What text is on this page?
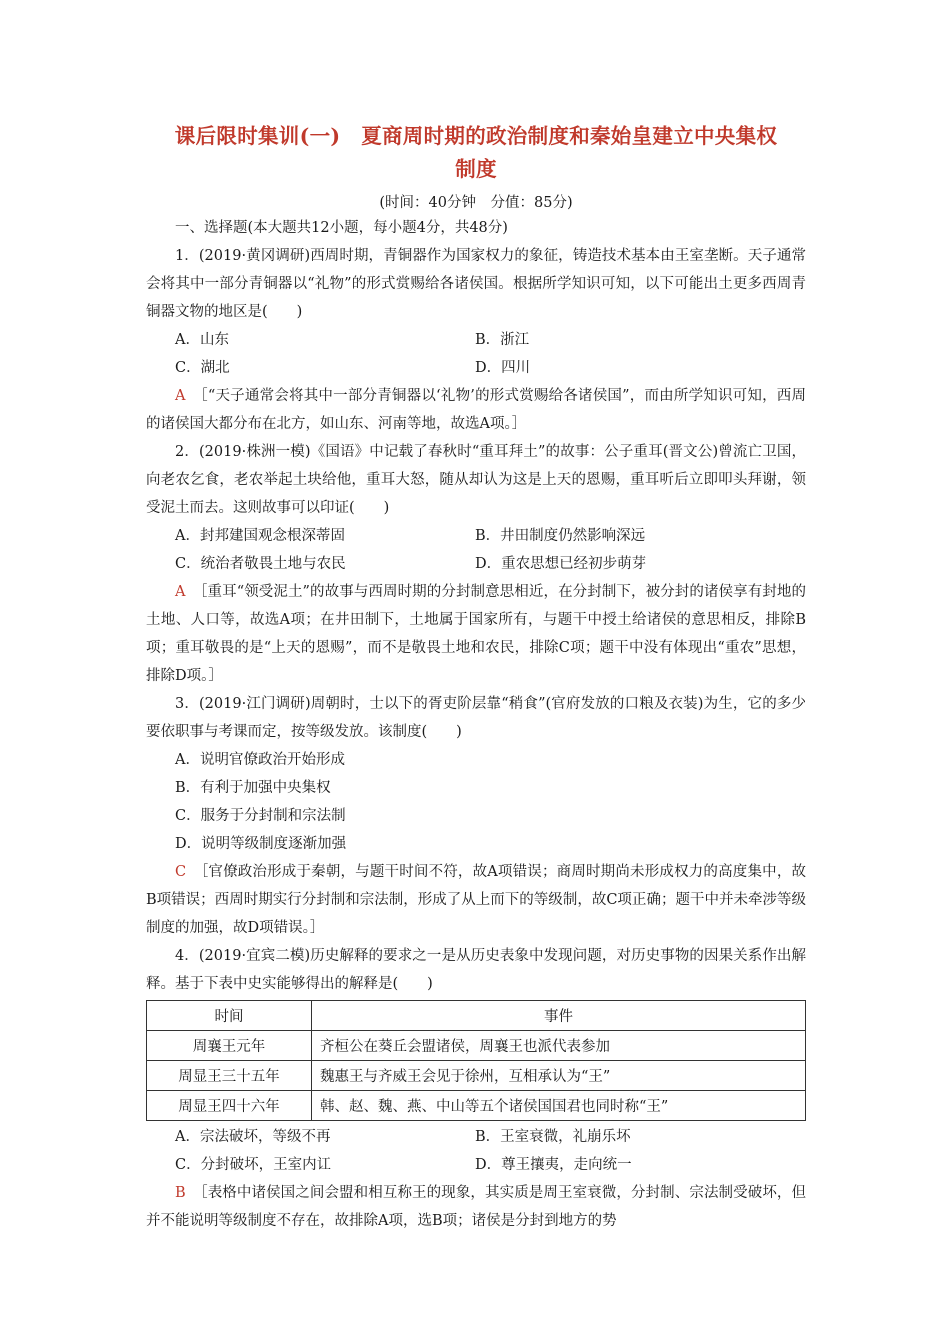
课后限时集训(一)　夏商周时期的政治制度和秦始皇建立中央集权
制度
(时间：40分钟　分值：85分)

一、选择题(本大题共12小题，每小题4分，共48分)

1．(2019·黄冈调研)西周时期，青铜器作为国家权力的象征，铸造技术基本由王室垄断。天子通常会将其中一部分青铜器以“礼物”的形式赏赐给各诸侯国。根据所学知识可知，以下可能出土更多西周青铜器文物的地区是(　　)

A．山东	B．浙江
C．湖北	D．四川

A　 ［“天子通常会将其中一部分青铜器以‘礼物’的形式赏赐给各诸侯国”，而由所学知识可知，西周的诸侯国大都分布在北方，如山东、河南等地，故选A项。］

2．(2019·株洲一模)《国语》中记载了春秋时“重耳拜土”的故事：公子重耳(晋文公)曾流亡卫国，向老农乞食，老农举起土块给他，重耳大怒，随从却认为这是上天的恩赐，重耳听后立即叩头拜谢，领受泥土而去。这则故事可以印证(　　)

A．封邦建国观念根深蒂固	B．井田制度仍然影响深远
C．统治者敬畏土地与农民	D．重农思想已经初步萌芽

A　 ［重耳“领受泥土”的故事与西周时期的分封制意思相近，在分封制下，被分封的诸侯享有封地的土地、人口等，故选A项；在井田制下，土地属于国家所有，与题干中授土给诸侯的意思相反，排除B项；重耳敬畏的是“上天的恩赐”，而不是敬畏土地和农民，排除C项；题干中没有体现出“重农”思想，排除D项。］

3．(2019·江门调研)周朝时，士以下的胥吏阶层靠“稍食”(官府发放的口粮及衣装)为生，它的多少要依职事与考课而定，按等级发放。该制度(　　)

A．说明官僚政治开始形成
B．有利于加强中央集权
C．服务于分封制和宗法制
D．说明等级制度逐渐加强

C　 ［官僚政治形成于秦朝，与题干时间不符，故A项错误；商周时期尚未形成权力的高度集中，故B项错误；西周时期实行分封制和宗法制，形成了从上而下的等级制，故C项正确；题干中并未牵涉等级制度的加强，故D项错误。］

4．(2019·宜宾二模)历史解释的要求之一是从历史表象中发现问题，对历史事物的因果关系作出解释。基于下表中史实能够得出的解释是(　　)

时间	事件
周襄王元年	齐桓公在葵丘会盟诸侯，周襄王也派代表参加
周显王三十五年	魏惠王与齐威王会见于徐州，互相承认为“王”
周显王四十六年	韩、赵、魏、燕、中山等五个诸侯国国君也同时称“王”
A．宗法破坏，等级不再	B．王室衰微，礼崩乐坏
C．分封破坏，王室内讧	D．尊王攘夷，走向统一

B　 ［表格中诸侯国之间会盟和相互称王的现象，其实质是周王室衰微，分封制、宗法制受破坏，但并不能说明等级制度不存在，故排除A项，选B项；诸侯是分封到地方的势
